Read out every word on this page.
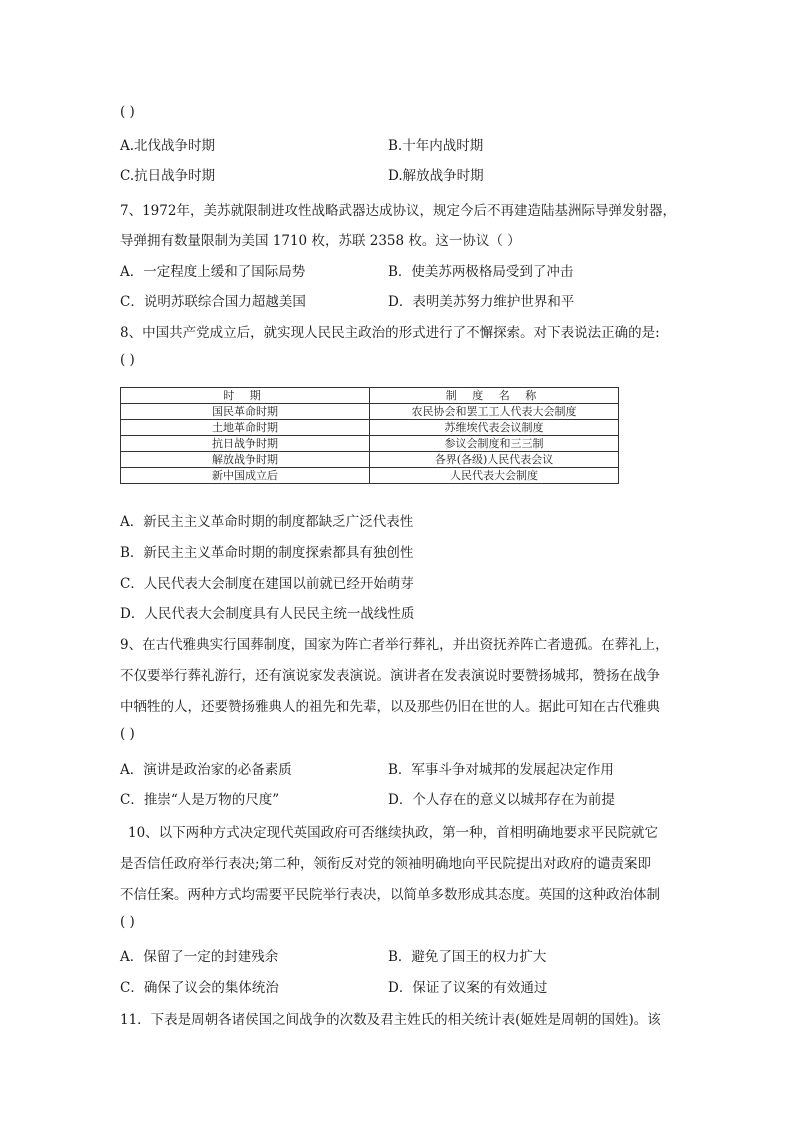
( )
A.北伐战争时期	B.十年内战时期
C.抗日战争时期	D.解放战争时期
7、1972年，美苏就限制进攻性战略武器达成协议，规定今后不再建造陆基洲际导弹发射器，
导弹拥有数量限制为美国 1710 枚，苏联 2358 枚。这一协议（ ）
A．一定程度上缓和了国际局势	B．使美苏两极格局受到了冲击
C．说明苏联综合国力超越美国	D．表明美苏努力维护世界和平
8、中国共产党成立后，就实现人民民主政治的形式进行了不懈探索。对下表说法正确的是:
( )
时 期	制 度 名 称
国民革命时期	农民协会和罢工工人代表大会制度
土地革命时期	苏维埃代表会议制度
抗日战争时期	参议会制度和三三制
解放战争时期	各界(各级)人民代表会议
新中国成立后	人民代表大会制度
A．新民主主义革命时期的制度都缺乏广泛代表性
B．新民主主义革命时期的制度探索都具有独创性
C．人民代表大会制度在建国以前就已经开始萌芽
D．人民代表大会制度具有人民民主统一战线性质
9、在古代雅典实行国葬制度，国家为阵亡者举行葬礼，并出资抚养阵亡者遗孤。在葬礼上，
不仅要举行葬礼游行，还有演说家发表演说。演讲者在发表演说时要赞扬城邦，赞扬在战争
中牺牲的人，还要赞扬雅典人的祖先和先辈，以及那些仍旧在世的人。据此可知在古代雅典
( )
A．演讲是政治家的必备素质	B．军事斗争对城邦的发展起决定作用
C．推崇“人是万物的尺度”	D．个人存在的意义以城邦存在为前提
10、以下两种方式决定现代英国政府可否继续执政，第一种，首相明确地要求平民院就它
是否信任政府举行表决;第二种，领衔反对党的领袖明确地向平民院提出对政府的谴责案即
不信任案。两种方式均需要平民院举行表决，以简单多数形成其态度。英国的这种政治体制
( )
A．保留了一定的封建残余	B．避免了国王的权力扩大
C．确保了议会的集体统治	D．保证了议案的有效通过
11．下表是周朝各诸侯国之间战争的次数及君主姓氏的相关统计表(姬姓是周朝的国姓)。该
